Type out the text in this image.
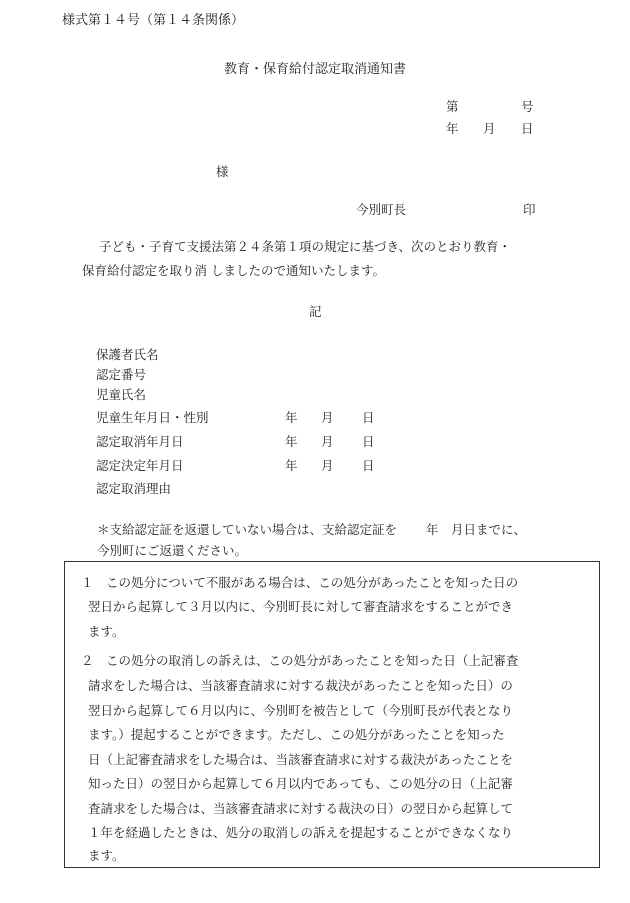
様式第１４号（第１４条関係）
教育・保育給付認定取消通知書
第	号
年 月 日
様
今別町長	印
子ども・子育て支援法第２４条第１項の規定に基づき、次のとおり教育・
保育給付認定を取り消 しましたので通知いたします。
記
保護者氏名
認定番号
児童氏名
児童生年月日・性別	年 月 日
認定取消年月日	年 月 日
認定決定年月日	年 月 日
認定取消理由
＊支給認定証を返還していない場合は、支給認定証を　　 年　月日までに、
今別町にご返還ください。
１　この処分について不服がある場合は、この処分があったことを知った日の
翌日から起算して３月以内に、今別町長に対して審査請求をすることができ
ます。
２　この処分の取消しの訴えは、この処分があったことを知った日（上記審査
請求をした場合は、当該審査請求に対する裁決があったことを知った日）の
翌日から起算して６月以内に、今別町を被告として（今別町長が代表となり
ます。）提起することができます。ただし、この処分があったことを知った
日（上記審査請求をした場合は、当該審査請求に対する裁決があったことを
知った日）の翌日から起算して６月以内であっても、この処分の日（上記審
査請求をした場合は、当該審査請求に対する裁決の日）の翌日から起算して
１年を経過したときは、処分の取消しの訴えを提起することができなくなり
ます。
